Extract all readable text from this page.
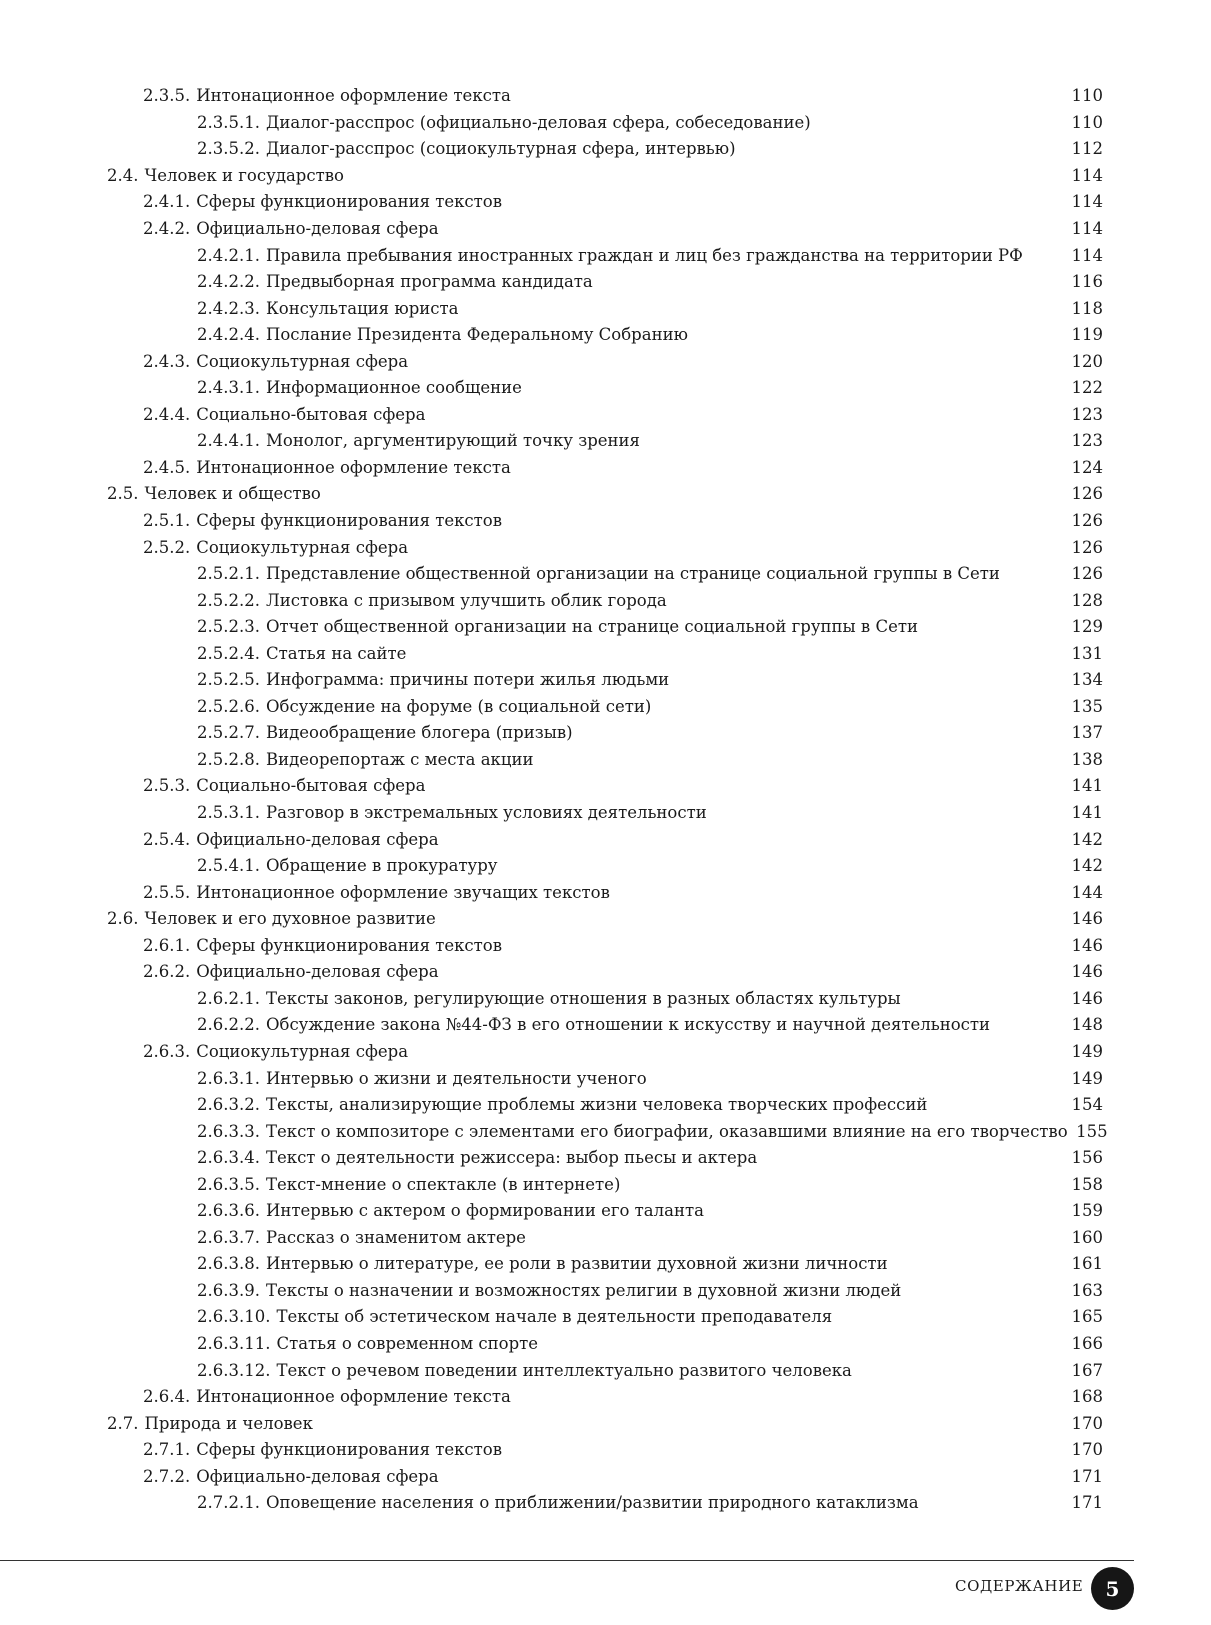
2.3.5. Интонационное оформление текста	110
2.3.5.1. Диалог-расспрос (официально-деловая сфера, собеседование)	110
2.3.5.2. Диалог-расспрос (социокультурная сфера, интервью)	112
2.4. Человек и государство	114
2.4.1. Сферы функционирования текстов	114
2.4.2. Официально-деловая сфера	114
2.4.2.1. Правила пребывания иностранных граждан и лиц без гражданства на территории РФ	114
2.4.2.2. Предвыборная программа кандидата	116
2.4.2.3. Консультация юриста	118
2.4.2.4. Послание Президента Федеральному Собранию	119
2.4.3. Социокультурная сфера	120
2.4.3.1. Информационное сообщение	122
2.4.4. Социально-бытовая сфера	123
2.4.4.1. Монолог, аргументирующий точку зрения	123
2.4.5. Интонационное оформление текста	124
2.5. Человек и общество	126
2.5.1. Сферы функционирования текстов	126
2.5.2. Социокультурная сфера	126
2.5.2.1. Представление общественной организации на странице социальной группы в Сети	126
2.5.2.2. Листовка с призывом улучшить облик города	128
2.5.2.3. Отчет общественной организации на странице социальной группы в Сети	129
2.5.2.4. Статья на сайте	131
2.5.2.5. Инфограмма: причины потери жилья людьми	134
2.5.2.6. Обсуждение на форуме (в социальной сети)	135
2.5.2.7. Видеообращение блогера (призыв)	137
2.5.2.8. Видеорепортаж с места акции	138
2.5.3. Социально-бытовая сфера	141
2.5.3.1. Разговор в экстремальных условиях деятельности	141
2.5.4. Официально-деловая сфера	142
2.5.4.1. Обращение в прокуратуру	142
2.5.5. Интонационное оформление звучащих текстов	144
2.6. Человек и его духовное развитие	146
2.6.1. Сферы функционирования текстов	146
2.6.2. Официально-деловая сфера	146
2.6.2.1. Тексты законов, регулирующие отношения в разных областях культуры	146
2.6.2.2. Обсуждение закона №44-ФЗ в его отношении к искусству и научной деятельности	148
2.6.3. Социокультурная сфера	149
2.6.3.1. Интервью о жизни и деятельности ученого	149
2.6.3.2. Тексты, анализирующие проблемы жизни человека творческих профессий	154
2.6.3.3. Текст о композиторе с элементами его биографии, оказавшими влияние на его творчество 155
2.6.3.4. Текст о деятельности режиссера: выбор пьесы и актера	156
2.6.3.5. Текст-мнение о спектакле (в интернете)	158
2.6.3.6. Интервью с актером о формировании его таланта	159
2.6.3.7. Рассказ о знаменитом актере	160
2.6.3.8. Интервью о литературе, ее роли в развитии духовной жизни личности	161
2.6.3.9. Тексты о назначении и возможностях религии в духовной жизни людей	163
2.6.3.10. Тексты об эстетическом начале в деятельности преподавателя	165
2.6.3.11. Статья о современном спорте	166
2.6.3.12. Текст о речевом поведении интеллектуально развитого человека	167
2.6.4. Интонационное оформление текста	168
2.7. Природа и человек	170
2.7.1. Сферы функционирования текстов	170
2.7.2. Официально-деловая сфера	171
2.7.2.1. Оповещение населения о приближении/развитии природного катаклизма	171
СОДЕРЖАНИЕ 5
